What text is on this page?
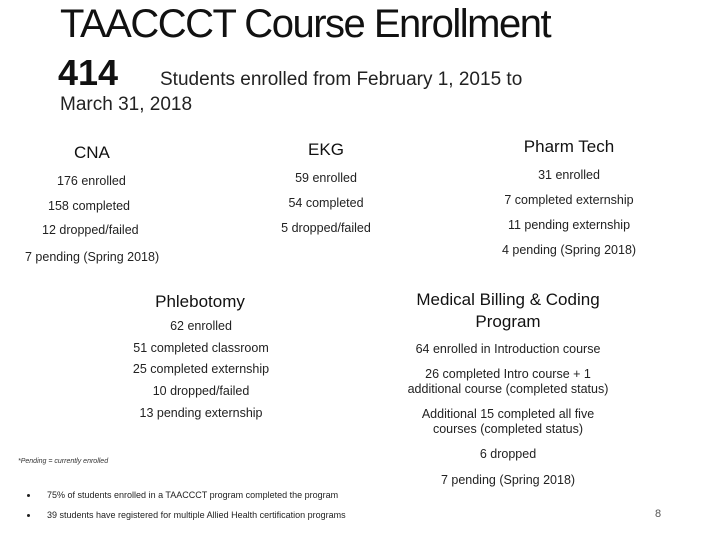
TAACCCT Course Enrollment
414 Students enrolled from February 1, 2015 to
March 31, 2018
CNA
176 enrolled
158 completed
12 dropped/failed
7 pending (Spring 2018)
EKG
59 enrolled
54 completed
5 dropped/failed
Pharm Tech
31 enrolled
7 completed externship
11 pending externship
4 pending (Spring 2018)
Phlebotomy
62 enrolled
51 completed classroom
25 completed externship
10 dropped/failed
13 pending externship
Medical Billing & Coding
Program
64 enrolled in Introduction course
26 completed Intro course + 1
additional course (completed status)
Additional 15 completed all five
courses (completed status)
6 dropped
7 pending (Spring 2018)
*Pending = currently enrolled
75% of students enrolled in a TAACCCT program completed the program
39 students have registered for multiple Allied Health certification programs	8
